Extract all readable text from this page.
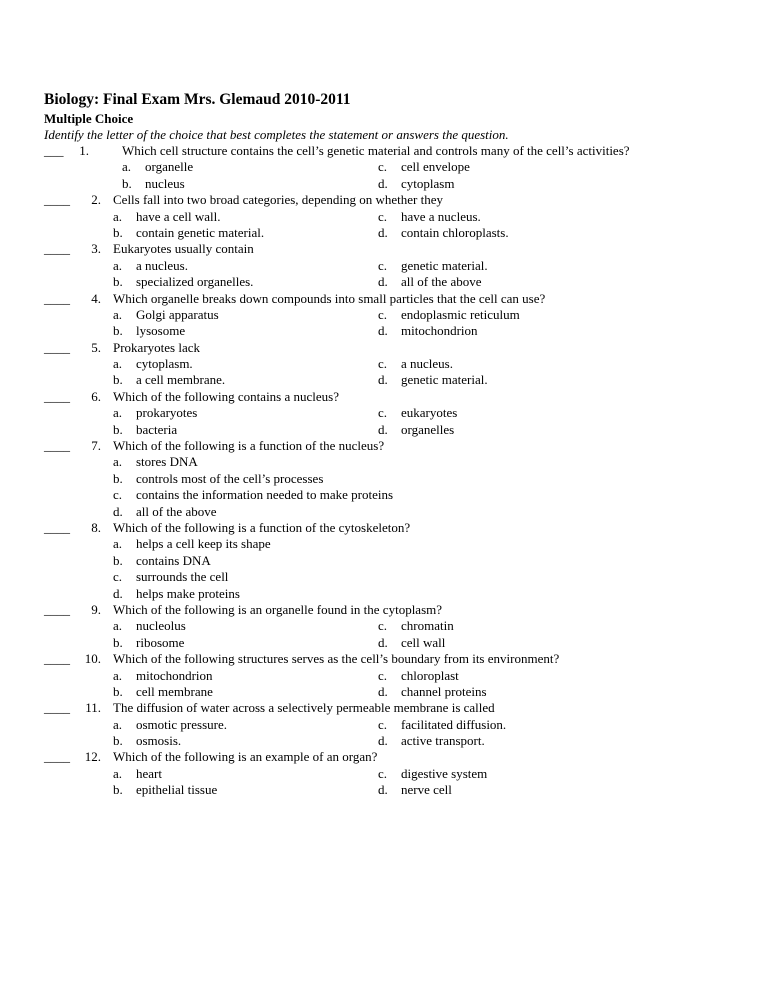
Biology: Final Exam Mrs. Glemaud 2010-2011
Multiple Choice
Identify the letter of the choice that best completes the statement or answers the question.
___ 1.	Which cell structure contains the cell’s genetic material and controls many of the cell’s activities?
a. organelle	c. cell envelope
b. nucleus	d. cytoplasm
____ 2. Cells fall into two broad categories, depending on whether they
a. have a cell wall.	c. have a nucleus.
b. contain genetic material.	d. contain chloroplasts.
____ 3. Eukaryotes usually contain
a. a nucleus.	c. genetic material.
b. specialized organelles.	d. all of the above
____ 4. Which organelle breaks down compounds into small particles that the cell can use?
a. Golgi apparatus	c. endoplasmic reticulum
b. lysosome	d. mitochondrion
____ 5. Prokaryotes lack
a. cytoplasm.	c. a nucleus.
b. a cell membrane.	d. genetic material.
____ 6. Which of the following contains a nucleus?
a. prokaryotes	c. eukaryotes
b. bacteria	d. organelles
____ 7. Which of the following is a function of the nucleus?
a. stores DNA
b. controls most of the cell’s processes
c. contains the information needed to make proteins
d. all of the above
____ 8. Which of the following is a function of the cytoskeleton?
a. helps a cell keep its shape
b. contains DNA
c. surrounds the cell
d. helps make proteins
____ 9. Which of the following is an organelle found in the cytoplasm?
a. nucleolus	c. chromatin
b. ribosome	d. cell wall
____ 10. Which of the following structures serves as the cell’s boundary from its environment?
a. mitochondrion	c. chloroplast
b. cell membrane	d. channel proteins
____ 11. The diffusion of water across a selectively permeable membrane is called
a. osmotic pressure.	c. facilitated diffusion.
b. osmosis.	d. active transport.
____ 12. Which of the following is an example of an organ?
a. heart	c. digestive system
b. epithelial tissue	d. nerve cell
